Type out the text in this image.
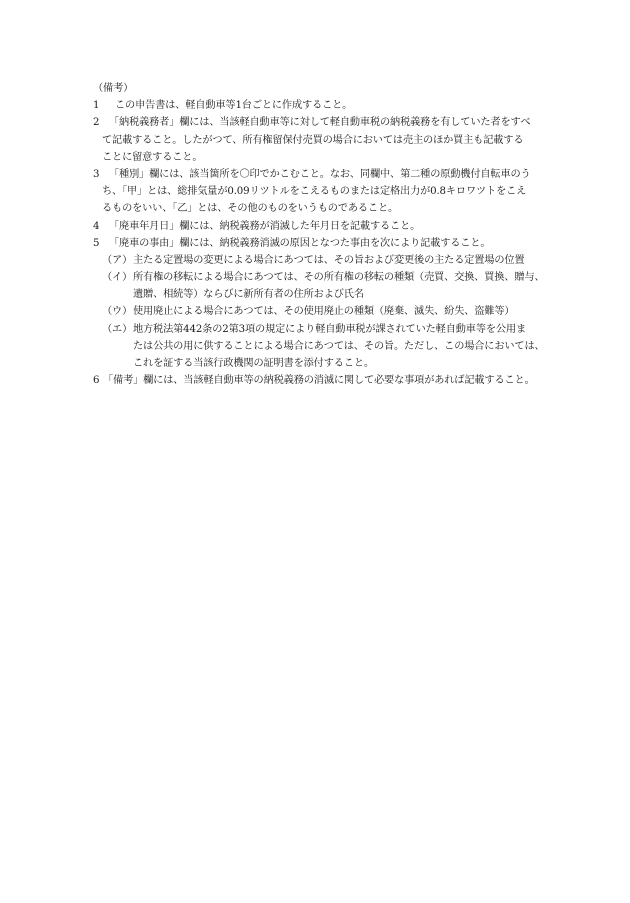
（備考）
1 この申告書は、軽自動車等1台ごとに作成すること。
2 「納税義務者」欄には、当該軽自動車等に対して軽自動車税の納税義務を有していた者をすべ
て記載すること。したがつて、所有権留保付売買の場合においては売主のほか買主も記載する
ことに留意すること。
3 「種別」欄には、該当箇所を〇印でかこむこと。なお、同欄中、第二種の原動機付自転車のう
ち、「甲」とは、総排気量が0.09リツトルをこえるものまたは定格出力が0.8キロワツトをこえ
るものをいい、「乙」とは、その他のものをいうものであること。
4 「廃車年月日」欄には、納税義務が消滅した年月日を記載すること。
5 「廃車の事由」欄には、納税義務消滅の原因となつた事由を次により記載すること。
（ア）主たる定置場の変更による場合にあつては、その旨および変更後の主たる定置場の位置
（イ）所有権の移転による場合にあつては、その所有権の移転の種類（売買、交換、買換、贈与、
遺贈、相続等）ならびに新所有者の住所および氏名
（ウ）使用廃止による場合にあつては、その使用廃止の種類（廃棄、滅失、紛失、盗難等）
（エ）地方税法第442条の2第3項の規定により軽自動車税が課されていた軽自動車等を公用ま
たは公共の用に供することによる場合にあつては、その旨。ただし、この場合においては、
これを証する当該行政機関の証明書を添付すること。
6 「備考」欄には、当該軽自動車等の納税義務の消滅に関して必要な事項があれば記載すること。
